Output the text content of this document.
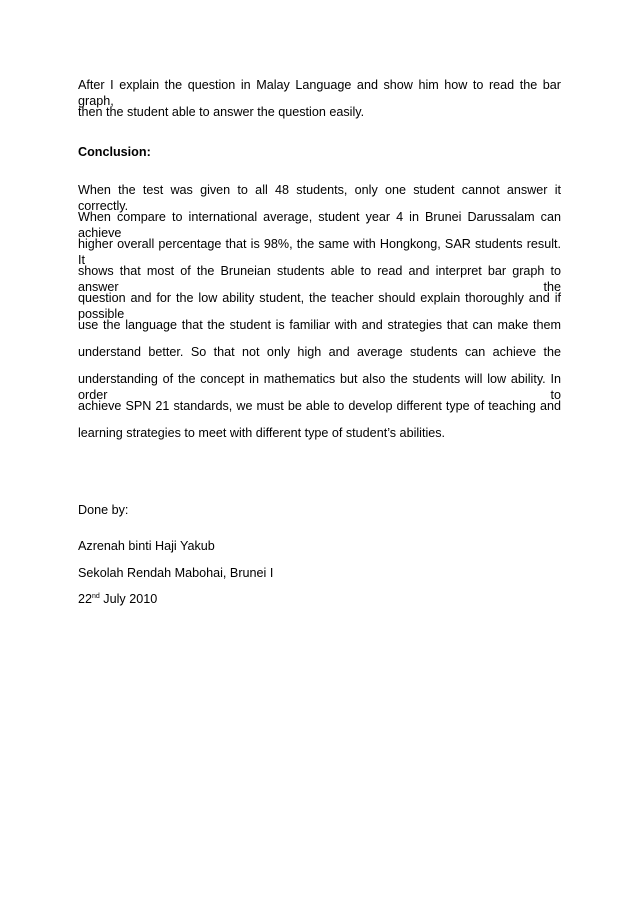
After I explain the question in Malay Language and show him how to read the bar graph,
then the student able to answer the question easily.
Conclusion:
When the test was given to all 48 students, only one student cannot answer it correctly.
When compare to international average, student year 4 in Brunei Darussalam can achieve
higher overall percentage that is 98%, the same with Hongkong, SAR students result. It
shows that most of the Bruneian students able to read and interpret bar graph to answer the
question and for the low ability student, the teacher should explain thoroughly and if possible
use the language that the student is familiar with and strategies that can make them
understand better. So that not only high and average students can achieve the
understanding of the concept in mathematics but also the students will low ability. In order to
achieve SPN 21 standards, we must be able to develop different type of teaching and
learning strategies to meet with different type of student’s abilities.
Done by:
Azrenah binti Haji Yakub
Sekolah Rendah Mabohai, Brunei I
22nd July 2010
